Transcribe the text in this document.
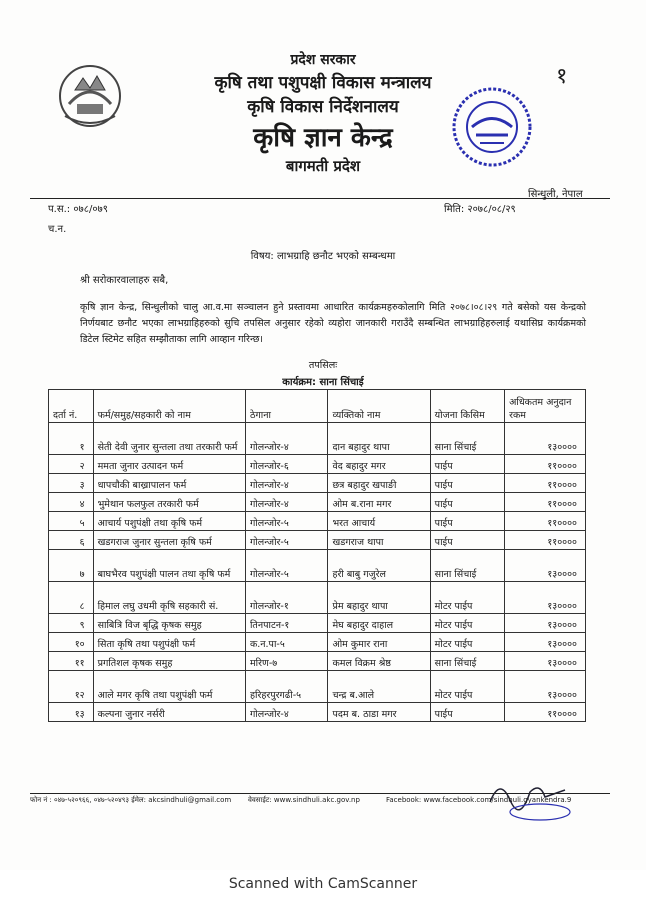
प्रदेश सरकार
कृषि तथा पशुपक्षी विकास मन्त्रालय
कृषि विकास निर्देशनालय
कृषि ज्ञान केन्द्र
बागमती प्रदेश
१
सिन्धुली, नेपाल
प.स.: ०७८/०७९	मिति: २०७८/०८/२९
च.न.
विषय: लाभग्राहि छनौट भएको सम्बन्धमा
श्री सरोकारवालाहरु सबै,
कृषि ज्ञान केन्द्र, सिन्धुलीको चालु आ.व.मा सञ्चालन हुने प्रस्तावमा आधारित कार्यक्रमहरुकोलागि मिति २०७८।०८।२९ गते बसेको यस केन्द्रको निर्णयबाट छनौट भएका लाभग्राहिहरुको सुचि तपसिल अनुसार रहेको व्यहोरा जानकारी गराउँदै सम्बन्धित लाभग्राहिहरुलाई यथासिघ्र कार्यक्रमको डिटेल स्टिमेट सहित सम्झौताका लागि आव्हान गरिन्छ।
तपसिलः
कार्यक्रम: साना सिंचाई
दर्ता नं.	फर्म/समुह/सहकारी को नाम	ठेगाना	व्यक्तिको नाम	योजना किसिम	अधिकतम अनुदान रकम
१	सेती देवी जुनार सुन्तला तथा तरकारी फर्म	गोलन्जोर-४	दान बहादुर थापा	साना सिंचाई	१३००००
२	ममता जुनार उत्पादन फर्म	गोलन्जोर-६	वेद बहादुर मगर	पाईप	११००००
३	धापचौकी बाख्रापालन फर्म	गोलन्जोर-४	छत्र बहादुर खपाङी	पाईप	११००००
४	भुमेथान फलफुल तरकारी फर्म	गोलन्जोर-४	ओम ब.राना मगर	पाईप	११००००
५	आचार्य पशुपंक्षी तथा कृषि फर्म	गोलन्जोर-५	भरत आचार्य	पाईप	११००००
६	खडगराज जुनार सुन्तला कृषि फर्म	गोलन्जोर-५	खडगराज थापा	पाईप	११००००
७	बाघभैरव पशुपंक्षी पालन तथा कृषि फर्म	गोलन्जोर-५	हरी बाबु गजुरेल	साना सिंचाई	१३००००
८	हिमाल लघु उधमी कृषि सहकारी सं.	गोलन्जोर-१	प्रेम बहादुर थापा	मोटर पाईप	१३००००
९	साबित्रि विज बृद्धि कृषक समुह	तिनपाटन-१	मेघ बहादुर दाहाल	मोटर पाईप	१३००००
१०	सिता कृषि तथा पशुपंक्षी फर्म	क.न.पा-५	ओम कुमार राना	मोटर पाईप	१३००००
११	प्रगतिशल कृषक समुह	मरिण-७	कमल विक्रम श्रेष्ठ	साना सिंचाई	१३००००
१२	आले मगर कृषि तथा पशुपंक्षी फर्म	हरिहरपुरगढी-५	चन्द्र ब.आले	मोटर पाईप	१३००००
१३	कल्पना जुनार नर्सरी	गोलन्जोर-४	पदम ब. ठाडा मगर	पाईप	११००००
फोन नं : ०४७-५२०९६६, ०४७-५२०४९३ ईमेल: akcsindhuli@gmail.com वेवसाईट: www.sindhuli.akc.gov.np	Facebook: www.facebook.com/sindhuli.gyankendra.9
Scanned with CamScanner
